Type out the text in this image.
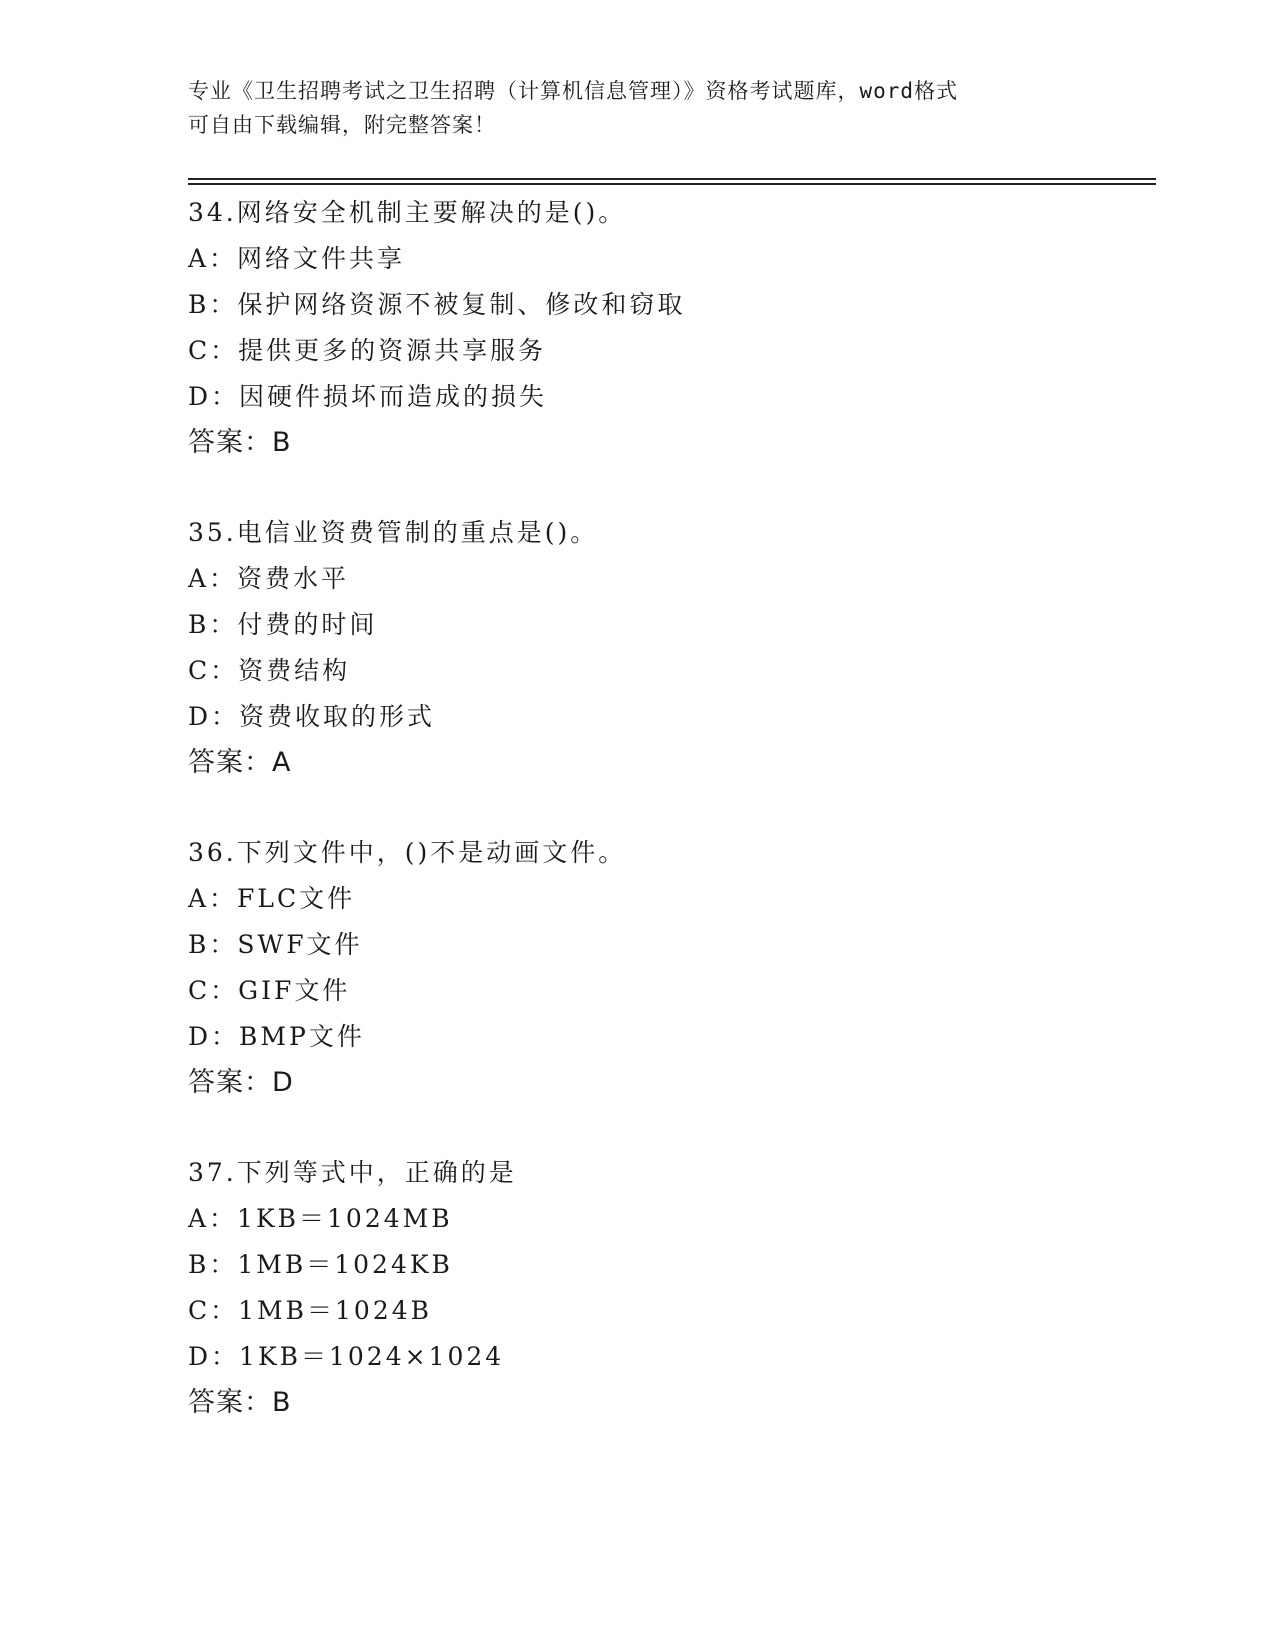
专业《卫生招聘考试之卫生招聘（计算机信息管理）》资格考试题库，word格式
可自由下载编辑，附完整答案！
34.网络安全机制主要解决的是()。
A：网络文件共享
B：保护网络资源不被复制、修改和窃取
C：提供更多的资源共享服务
D：因硬件损坏而造成的损失
答案：B
35.电信业资费管制的重点是()。
A：资费水平
B：付费的时间
C：资费结构
D：资费收取的形式
答案：A
36.下列文件中，()不是动画文件。
A：FLC文件
B：SWF文件
C：GIF文件
D：BMP文件
答案：D
37.下列等式中，正确的是
A：1KB＝1024MB
B：1MB＝1024KB
C：1MB＝1024B
D：1KB＝1024×1024
答案：B
